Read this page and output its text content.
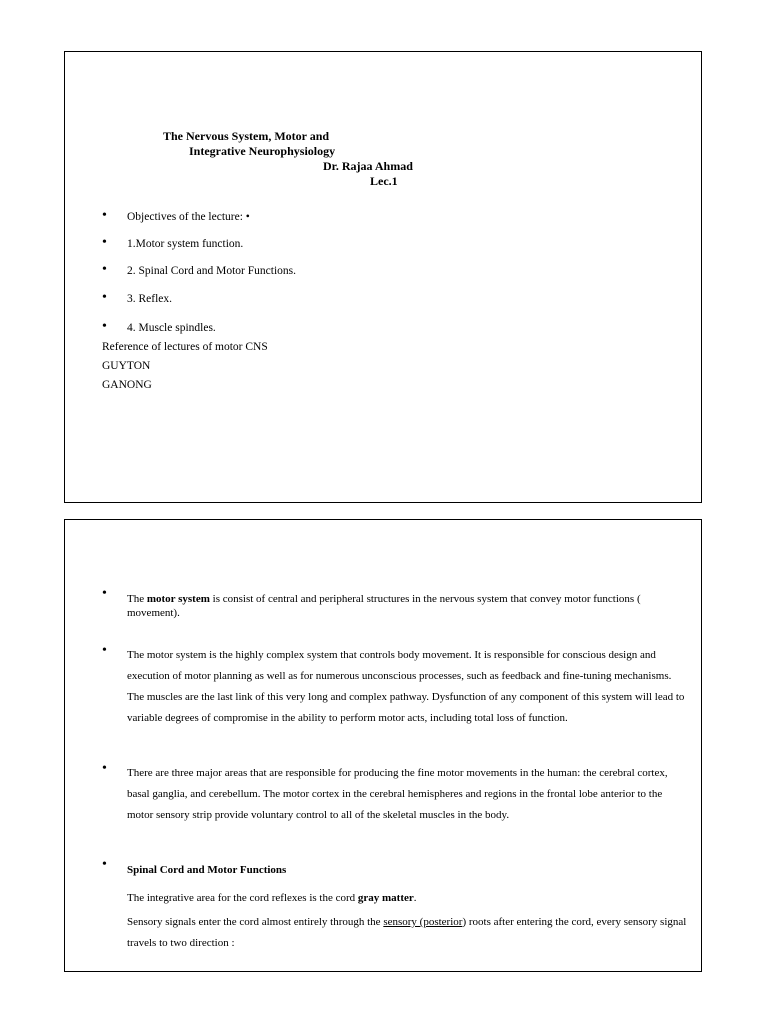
The Nervous System, Motor and
Integrative Neurophysiology
Dr. Rajaa Ahmad
Lec.1
• Objectives of the lecture: •
• 1.Motor system function.
• 2. Spinal Cord and Motor Functions.
• 3. Reflex.
• 4. Muscle spindles.
Reference of lectures of motor CNS
GUYTON
GANONG
• The motor system is consist of central and peripheral structures in the nervous system that convey motor functions ( movement).
• The motor system is the highly complex system that controls body movement. It is responsible for conscious design and execution of motor planning as well as for numerous unconscious processes, such as feedback and fine-tuning mechanisms. The muscles are the last link of this very long and complex pathway. Dysfunction of any component of this system will lead to variable degrees of compromise in the ability to perform motor acts, including total loss of function.
• There are three major areas that are responsible for producing the fine motor movements in the human: the cerebral cortex, basal ganglia, and cerebellum. The motor cortex in the cerebral hemispheres and regions in the frontal lobe anterior to the motor sensory strip provide voluntary control to all of the skeletal muscles in the body.
• Spinal Cord and Motor Functions
The integrative area for the cord reflexes is the cord gray matter.
Sensory signals enter the cord almost entirely through the sensory (posterior) roots after entering the cord, every sensory signal travels to two direction :
